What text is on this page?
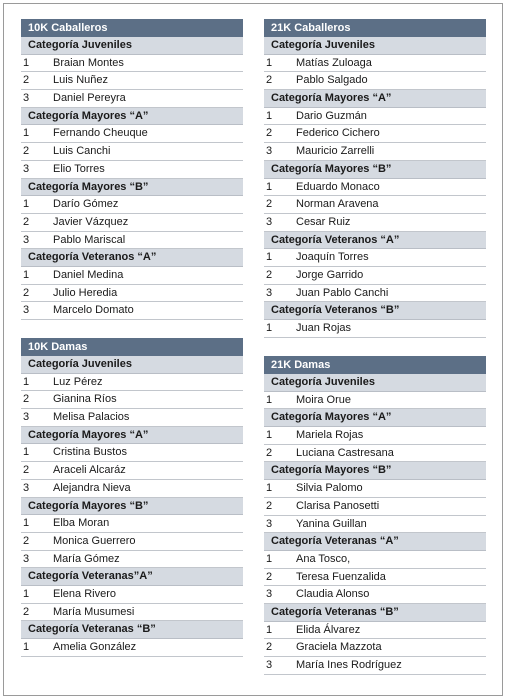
10K Caballeros
Categoría Juveniles
1	Braian Montes
2	Luis Nuñez
3	Daniel Pereyra
Categoría Mayores “A”
1	Fernando Cheuque
2	Luis Canchi
3	Elio Torres
Categoría Mayores “B”
1	Darío Gómez
2	Javier Vázquez
3	Pablo Mariscal
Categoría Veteranos “A”
1	Daniel Medina
2	Julio Heredia
3	Marcelo Domato
21K Caballeros
Categoría Juveniles
1	Matías Zuloaga
2	Pablo Salgado
Categoría Mayores “A”
1	Dario Guzmán
2	Federico Cichero
3	Mauricio Zarrelli
Categoría Mayores “B”
1	Eduardo Monaco
2	Norman Aravena
3	Cesar Ruiz
Categoría Veteranos “A”
1	Joaquín Torres
2	Jorge Garrido
3	Juan Pablo Canchi
Categoría Veteranos “B”
1	Juan Rojas
10K Damas
Categoría Juveniles
1	Luz Pérez
2	Gianina Ríos
3	Melisa Palacios
Categoría Mayores “A”
1	Cristina Bustos
2	Araceli Alcaráz
3	Alejandra Nieva
Categoría Mayores “B”
1	Elba Moran
2	Monica Guerrero
3	María Gómez
Categoría Veteranas”A”
1	Elena Rivero
2	María Musumesi
Categoría Veteranas “B”
1	Amelia González
21K Damas
Categoría Juveniles
1	Moira Orue
Categoría Mayores “A”
1	Mariela Rojas
2	Luciana Castresana
Categoría Mayores “B”
1	Silvia Palomo
2	Clarisa Panosetti
3	Yanina Guillan
Categoría Veteranas “A”
1	Ana Tosco,
2	Teresa Fuenzalida
3	Claudia Alonso
Categoría Veteranas “B”
1	Elida Álvarez
2	Graciela Mazzota
3	María Ines Rodríguez
